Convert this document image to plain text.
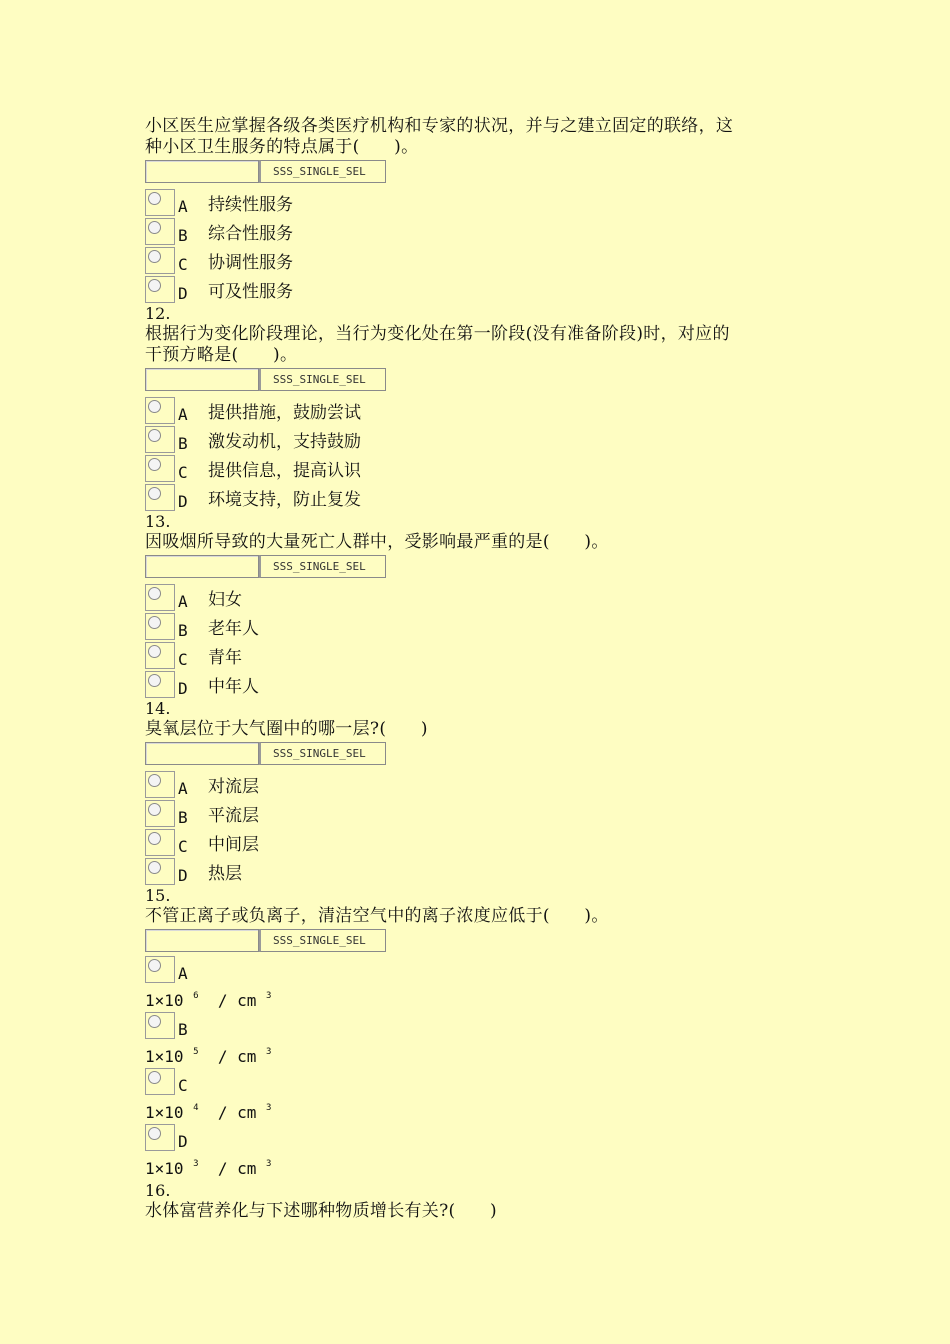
小区医生应掌握各级各类医疗机构和专家的状况，并与之建立固定的联络，这
种小区卫生服务的特点属于(　　)。
SSS_SINGLE_SEL
A	持续性服务
B	综合性服务
C	协调性服务
D	可及性服务
12.
根据行为变化阶段理论，当行为变化处在第一阶段(没有准备阶段)时，对应的
干预方略是(　　)。
SSS_SINGLE_SEL
A	提供措施，鼓励尝试
B	激发动机，支持鼓励
C	提供信息，提高认识
D	环境支持，防止复发
13.
因吸烟所导致的大量死亡人群中，受影响最严重的是(　　)。
SSS_SINGLE_SEL
A	妇女
B	老年人
C	青年
D	中年人
14.
臭氧层位于大气圈中的哪一层?(　　)
SSS_SINGLE_SEL
A	对流层
B	平流层
C	中间层
D	热层
15.
不管正离子或负离子，清洁空气中的离子浓度应低于(　　)。
SSS_SINGLE_SEL
A
1×10 $^6$  / cm $^3$
B
1×10 $^5$  / cm $^3$
C
1×10 $^4$  / cm $^3$
D
1×10 $^3$  / cm $^3$
16.
水体富营养化与下述哪种物质增长有关?(　　)
